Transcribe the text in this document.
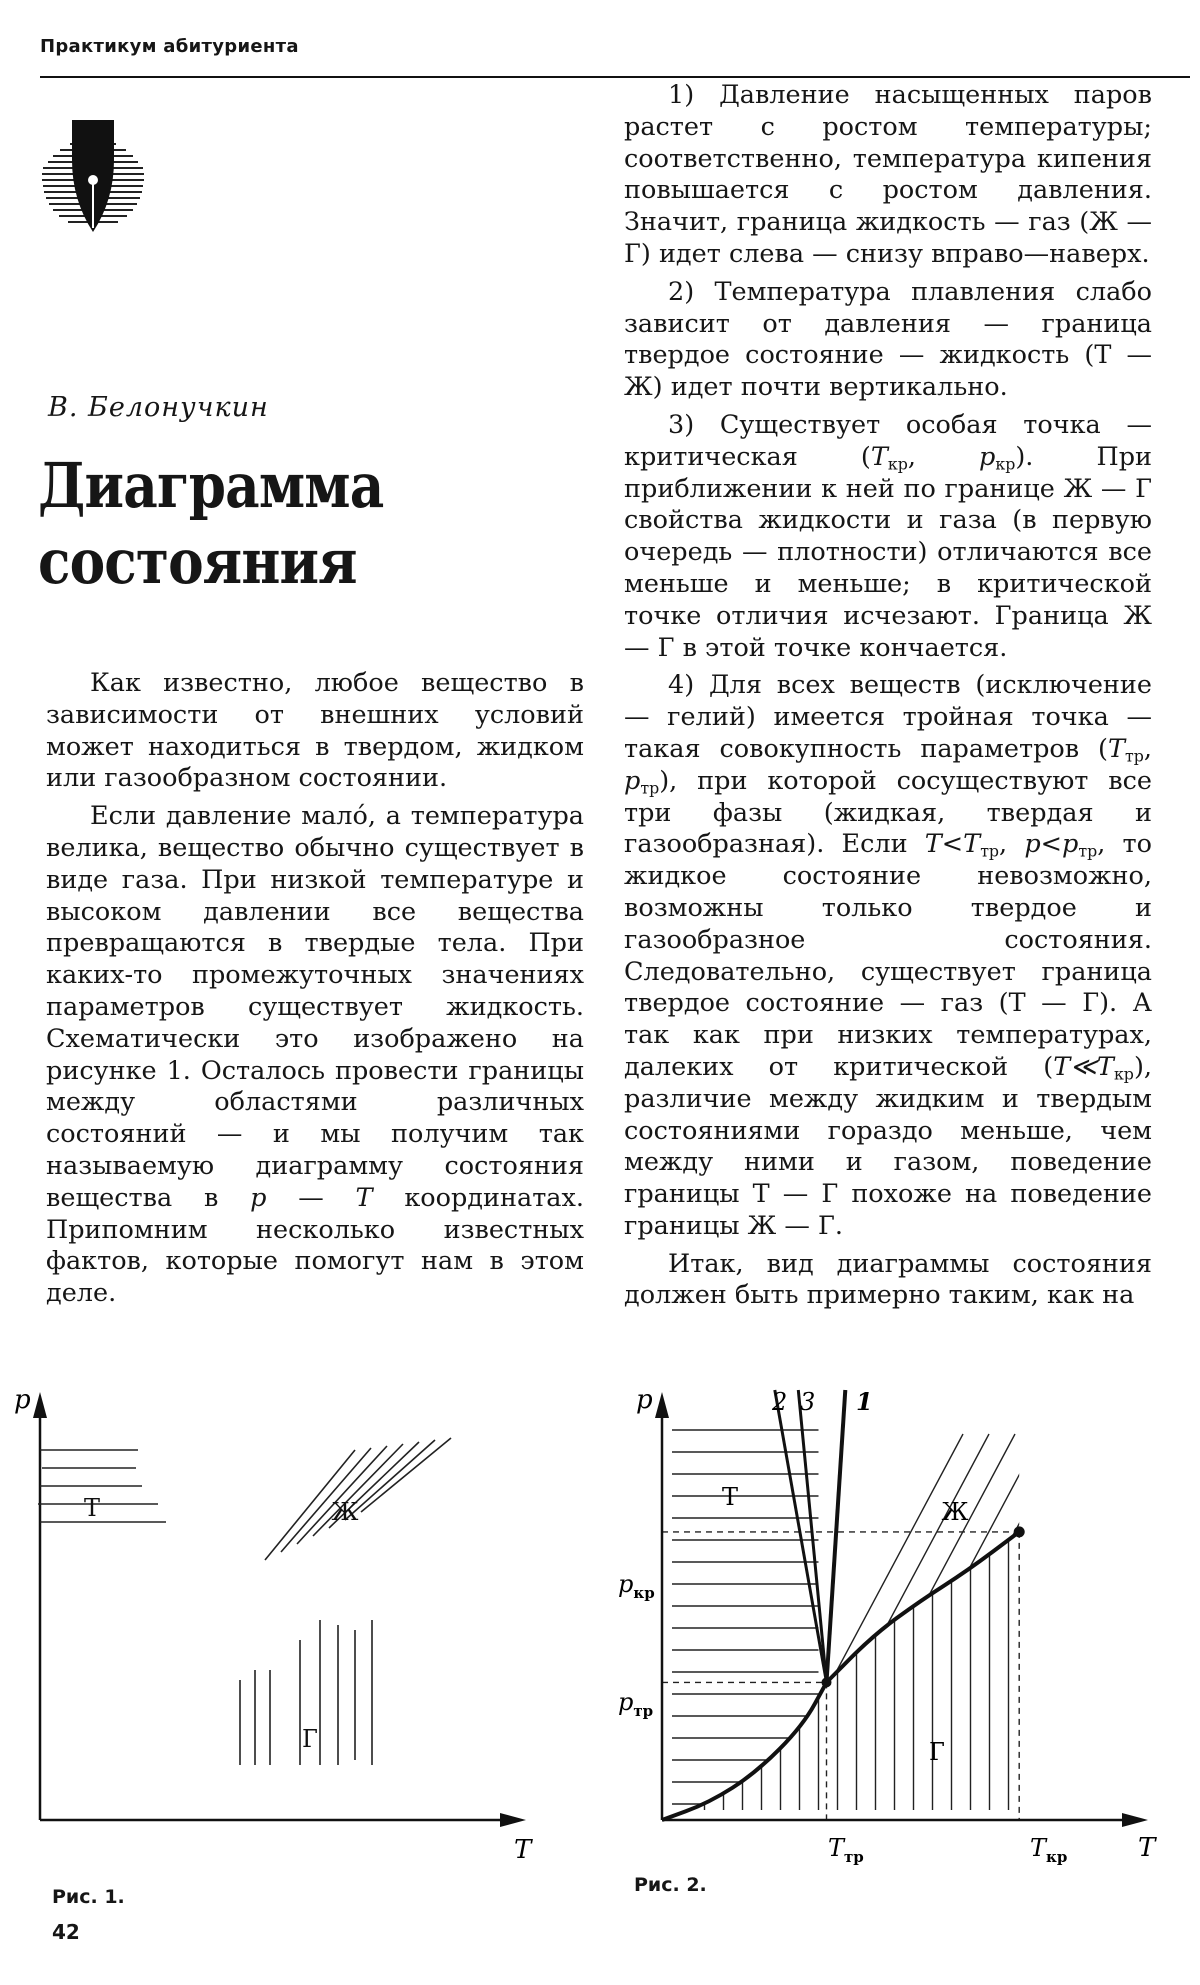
Практикум абитуриента
В. Белонучкин
Диаграмма
состояния

Как известно, любое вещество в зависимости от внешних условий может находиться в твердом, жидком или газообразном состоянии.

Если давление мало́, а температура велика, вещество обычно существует в виде газа. При низкой температуре и высоком давлении все вещества превращаются в твердые тела. При каких-то промежуточных значениях параметров существует жидкость. Схематически это изображено на рисунке 1. Осталось провести границы между областями различных состояний — и мы получим так называемую диаграмму состояния вещества в p — T координатах. Припомним несколько известных фактов, которые помогут нам в этом деле.

1) Давление насыщенных паров растет с ростом температуры; соответственно, температура кипения повышается с ростом давления. Значит, граница жидкость — газ (Ж — Г) идет слева — снизу вправо—наверх.

2) Температура плавления слабо зависит от давления — граница твердое состояние — жидкость (Т — Ж) идет почти вертикально.

3) Существует особая точка — критическая ($T_{кр}$, $p_{кр}$). При приближении к ней по границе Ж — Г свойства жидкости и газа (в первую очередь — плотности) отличаются все меньше и меньше; в критической точке отличия исчезают. Граница Ж — Г в этой точке кончается.

4) Для всех веществ (исключение — гелий) имеется тройная точка — такая совокупность параметров ($T_{тр}$, $p_{тр}$), при которой сосуществуют все три фазы (жидкая, твердая и газообразная). Если $T<T_{тр}$, $p<p_{тр}$, то жидкое состояние невозможно, возможны только твердое и газообразное состояния. Следовательно, существует граница твердое состояние — газ (Т — Г). А так как при низких температурах, далеких от критической $(T≪T_{кр})$, различие между жидким и твердым состояниями гораздо меньше, чем между ними и газом, поведение границы Т — Г похоже на поведение границы Ж — Г.

Итак, вид диаграммы состояния должен быть примерно таким, как на

p
T
Т	Ж
Г
Рис. 1.
p
T
Т
Ж
Г
2 3 1
$p_{кр}$
$p_{тр}$
$T_{тр}$	$T_{кр}$
Рис. 2.
42
